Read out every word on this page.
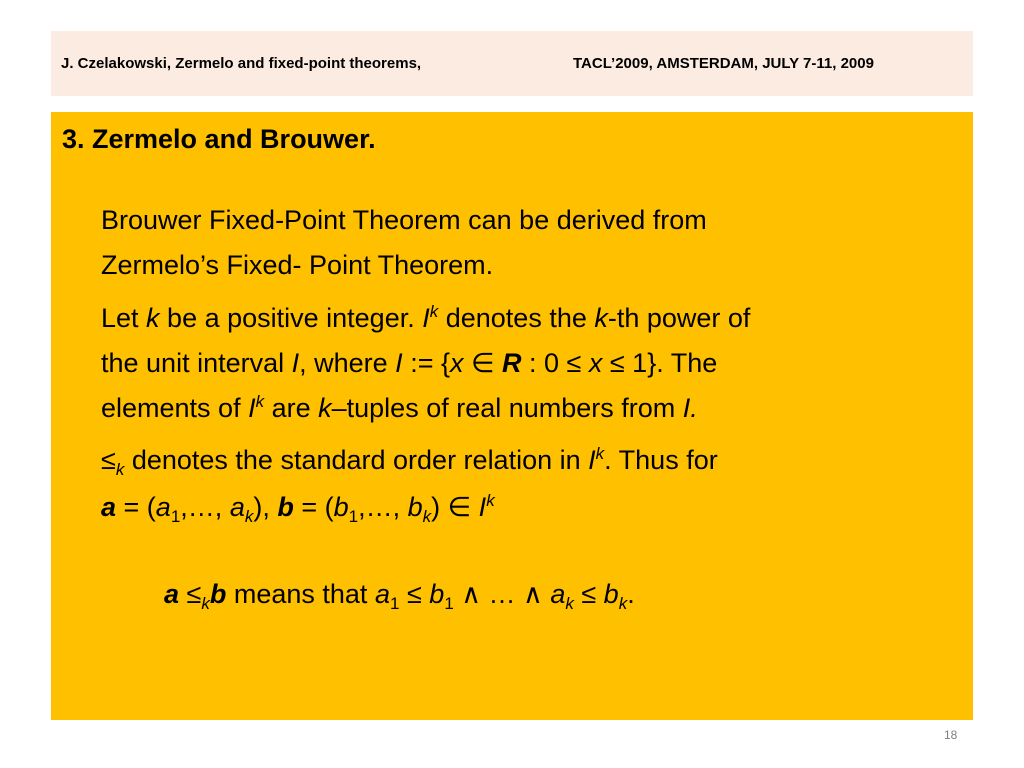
J. Czelakowski, Zermelo and fixed-point theorems,	TACL’2009, AMSTERDAM, JULY 7-11, 2009
3. Zermelo and Brouwer.
Brouwer Fixed-Point Theorem can be derived from
Zermelo’s Fixed- Point Theorem.
Let k be a positive integer. $I^k$ denotes the k-th power of
the unit interval I, where I := {x ∈ R : 0 ≤ x ≤ 1}. The
elements of $I^k$ are k–tuples of real numbers from I.
$\le_k$ denotes the standard order relation in $I^k$. Thus for
$a = (a_1,\dots$, $a_k$), $b = (b_1,\dots$, $b_k$) ∈ $I^k$
$a \le_kb$ means that $a_1 \le b_1$ ∧ … ∧ $a_k \le b_k$.
18
